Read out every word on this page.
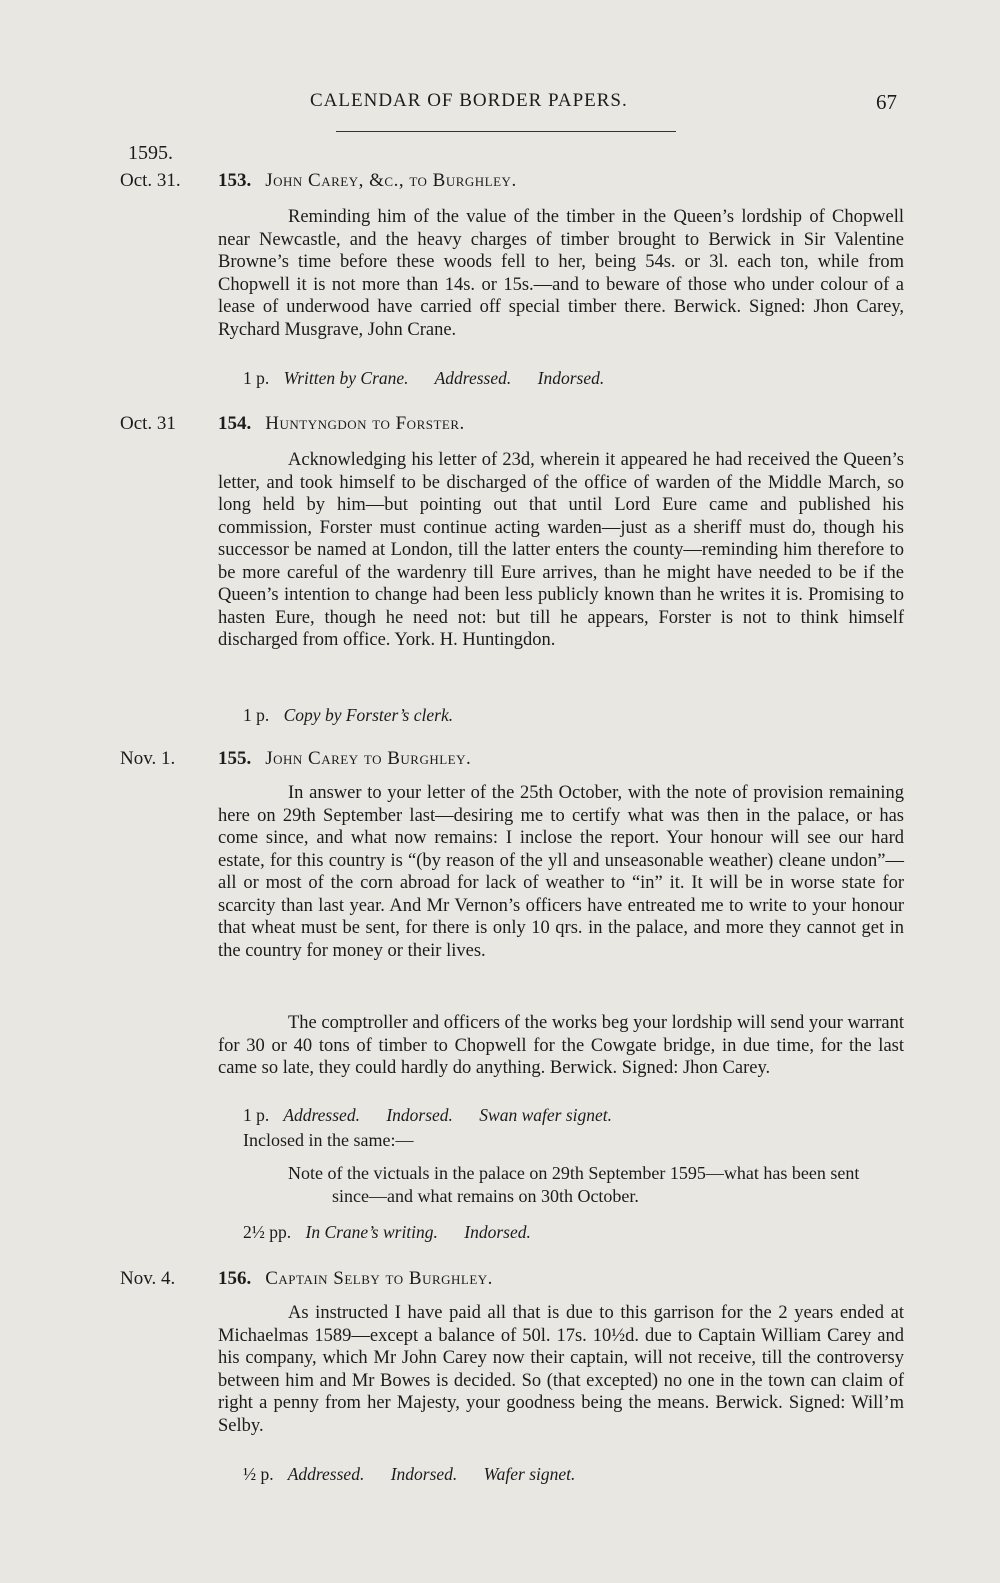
CALENDAR OF BORDER PAPERS.	67
1595.
Oct. 31. 153. John Carey, &c., to Burghley.

Reminding him of the value of the timber in the Queen’s lordship of Chopwell near Newcastle, and the heavy charges of timber brought to Berwick in Sir Valentine Browne’s time before these woods fell to her, being 54s. or 3l. each ton, while from Chopwell it is not more than 14s. or 15s.—and to beware of those who under colour of a lease of underwood have carried off special timber there. Berwick. Signed: Jhon Carey, Rychard Musgrave, John Crane.

1 p. Written by Crane. Addressed. Indorsed.
Oct. 31 154. Huntyngdon to Forster.

Acknowledging his letter of 23d, wherein it appeared he had received the Queen’s letter, and took himself to be discharged of the office of warden of the Middle March, so long held by him—but pointing out that until Lord Eure came and published his commission, Forster must continue acting warden—just as a sheriff must do, though his successor be named at London, till the latter enters the county—reminding him therefore to be more careful of the wardenry till Eure arrives, than he might have needed to be if the Queen’s intention to change had been less publicly known than he writes it is. Promising to hasten Eure, though he need not: but till he appears, Forster is not to think himself discharged from office. York. H. Huntingdon.

1 p. Copy by Forster’s clerk.
Nov. 1. 155. John Carey to Burghley.

In answer to your letter of the 25th October, with the note of provision remaining here on 29th September last—desiring me to certify what was then in the palace, or has come since, and what now remains: I inclose the report. Your honour will see our hard estate, for this country is “(by reason of the yll and unseasonable weather) cleane undon”—all or most of the corn abroad for lack of weather to “in” it. It will be in worse state for scarcity than last year. And Mr Vernon’s officers have entreated me to write to your honour that wheat must be sent, for there is only 10 qrs. in the palace, and more they cannot get in the country for money or their lives.

The comptroller and officers of the works beg your lordship will send your warrant for 30 or 40 tons of timber to Chopwell for the Cowgate bridge, in due time, for the last came so late, they could hardly do anything. Berwick. Signed: Jhon Carey.

1 p. Addressed. Indorsed. Swan wafer signet.
Inclosed in the same:—

Note of the victuals in the palace on 29th September 1595—what has been sent since—and what remains on 30th October.

2½ pp. In Crane’s writing. Indorsed.
Nov. 4. 156. Captain Selby to Burghley.

As instructed I have paid all that is due to this garrison for the 2 years ended at Michaelmas 1589—except a balance of 50l. 17s. 10½d. due to Captain William Carey and his company, which Mr John Carey now their captain, will not receive, till the controversy between him and Mr Bowes is decided. So (that excepted) no one in the town can claim of right a penny from her Majesty, your goodness being the means. Berwick. Signed: Will’m Selby.

½ p. Addressed. Indorsed. Wafer signet.
